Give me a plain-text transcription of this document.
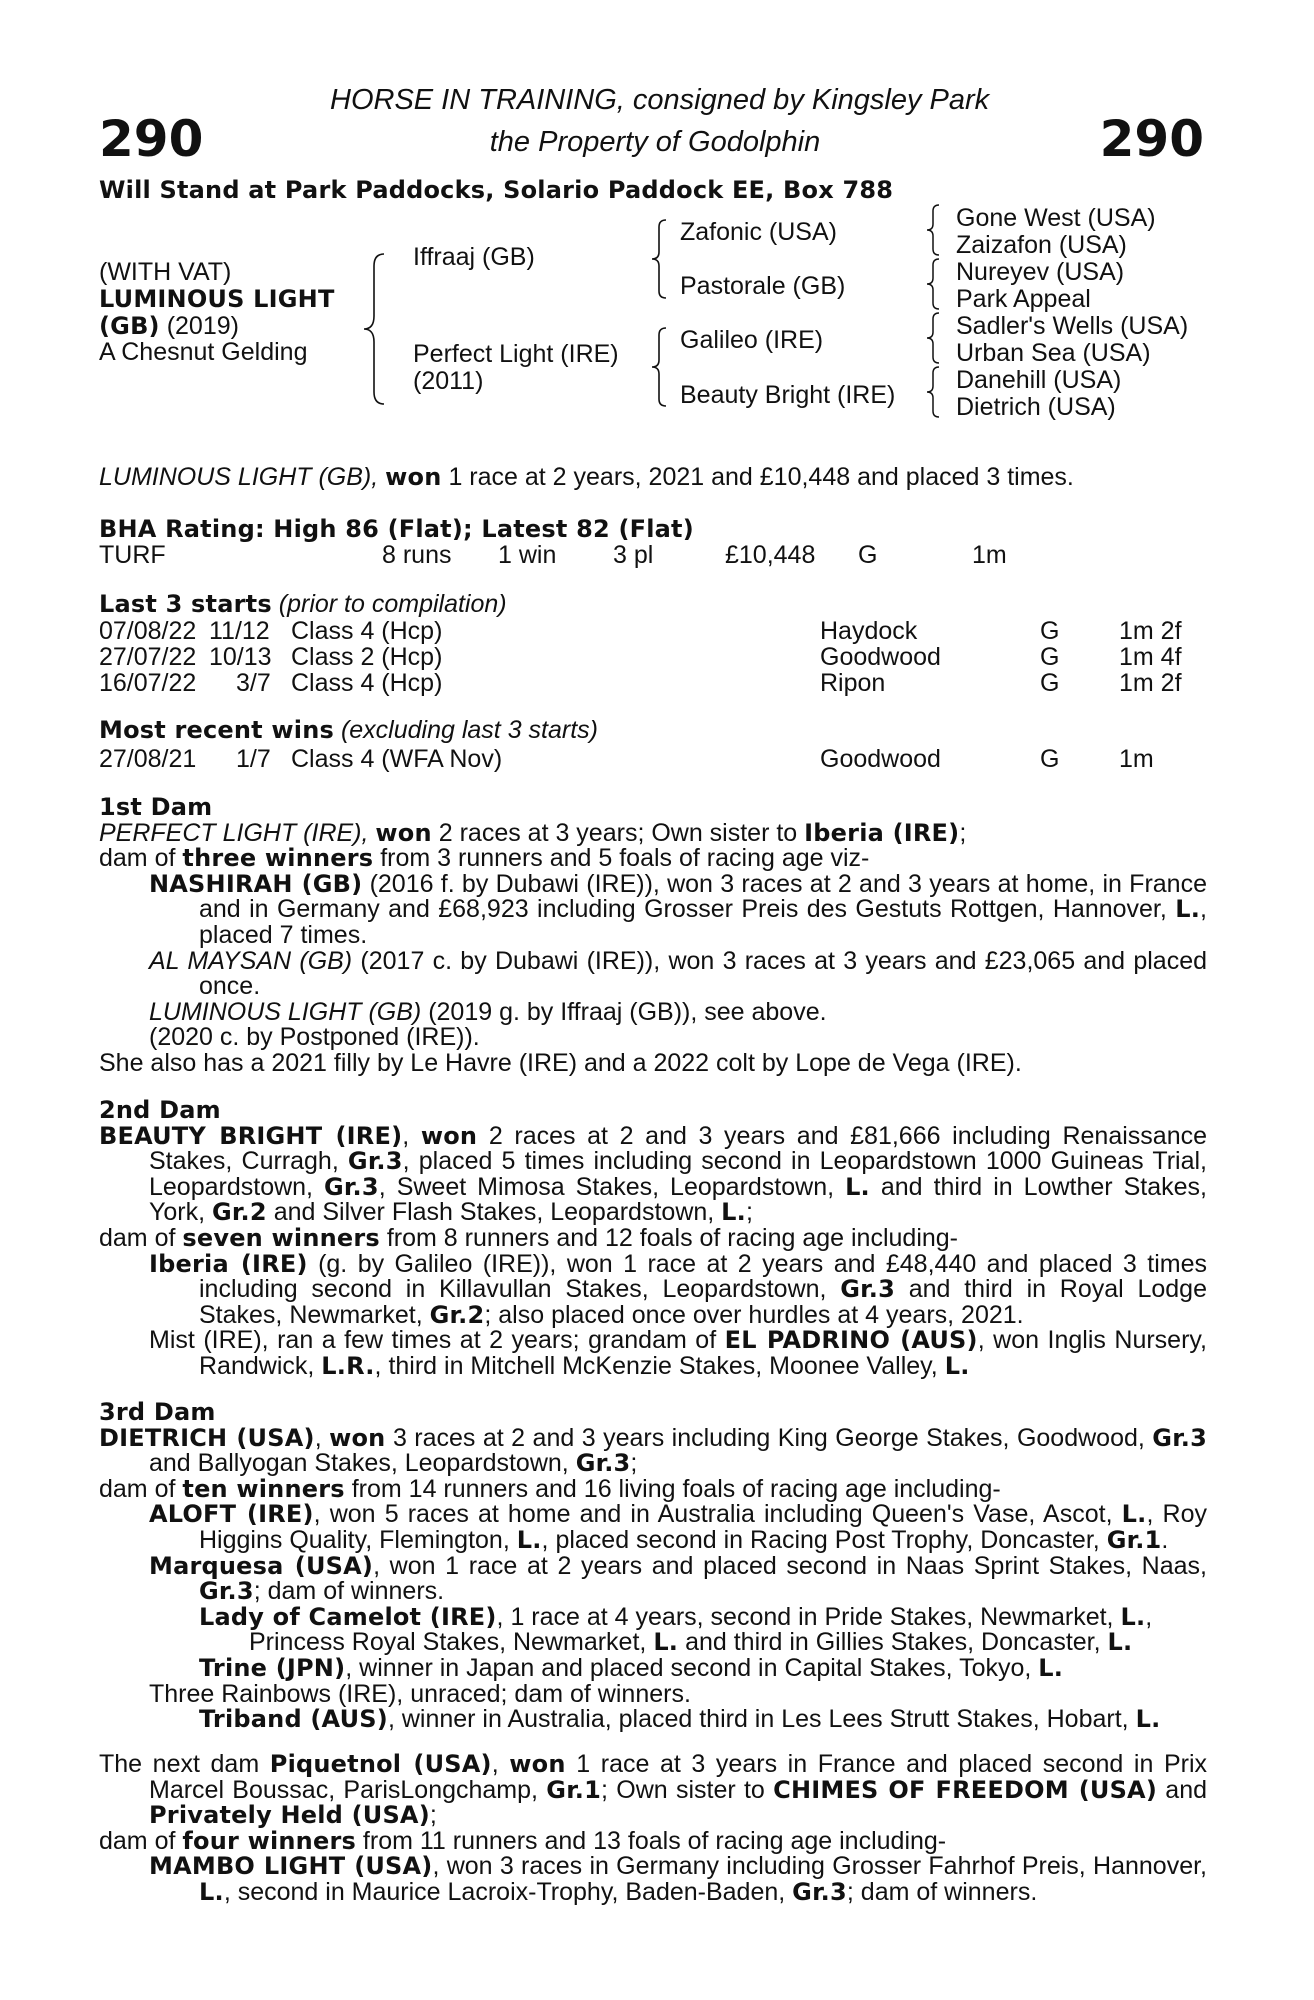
290	290
HORSE IN TRAINING, consigned by Kingsley Park
the Property of Godolphin
Will Stand at Park Paddocks, Solario Paddock EE, Box 788
(WITH VAT)
LUMINOUS LIGHT
(GB) (2019)
A Chesnut Gelding
Iffraaj (GB)
Perfect Light (IRE)
(2011)
Zafonic (USA)
Pastorale (GB)
Galileo (IRE)
Beauty Bright (IRE)
Gone West (USA)
Zaizafon (USA)
Nureyev (USA)
Park Appeal
Sadler's Wells (USA)
Urban Sea (USA)
Danehill (USA)
Dietrich (USA)
LUMINOUS LIGHT (GB), won 1 race at 2 years, 2021 and £10,448 and placed 3 times.
BHA Rating: High 86 (Flat); Latest 82 (Flat)
TURF	8 runs 1 win 3 pl	£10,448 G	1m
Last 3 starts (prior to compilation)
07/08/22 11/12 Class 4 (Hcp)	Haydock	G 1m 2f
27/07/22 10/13 Class 2 (Hcp)	Goodwood	G 1m 4f
16/07/22 3/7 Class 4 (Hcp)	Ripon	G 1m 2f
Most recent wins (excluding last 3 starts)
27/08/21 1/7 Class 4 (WFA Nov)	Goodwood	G 1m

1st Dam

PERFECT LIGHT (IRE), won 2 races at 3 years; Own sister to Iberia (IRE);

dam of three winners from 3 runners and 5 foals of racing age viz-

NASHIRAH (GB) (2016 f. by Dubawi (IRE)), won 3 races at 2 and 3 years at home, in France and in Germany and £68,923 including Grosser Preis des Gestuts Rottgen, Hannover, L., placed 7 times.

AL MAYSAN (GB) (2017 c. by Dubawi (IRE)), won 3 races at 3 years and £23,065 and placed once.

LUMINOUS LIGHT (GB) (2019 g. by Iffraaj (GB)), see above.

(2020 c. by Postponed (IRE)).

She also has a 2021 filly by Le Havre (IRE) and a 2022 colt by Lope de Vega (IRE).

2nd Dam

BEAUTY BRIGHT (IRE), won 2 races at 2 and 3 years and £81,666 including Renaissance Stakes, Curragh, Gr.3, placed 5 times including second in Leopardstown 1000 Guineas Trial, Leopardstown, Gr.3, Sweet Mimosa Stakes, Leopardstown, L. and third in Lowther Stakes, York, Gr.2 and Silver Flash Stakes, Leopardstown, L.;

dam of seven winners from 8 runners and 12 foals of racing age including-

Iberia (IRE) (g. by Galileo (IRE)), won 1 race at 2 years and £48,440 and placed 3 times including second in Killavullan Stakes, Leopardstown, Gr.3 and third in Royal Lodge Stakes, Newmarket, Gr.2; also placed once over hurdles at 4 years, 2021.

Mist (IRE), ran a few times at 2 years; grandam of EL PADRINO (AUS), won Inglis Nursery, Randwick, L.R., third in Mitchell McKenzie Stakes, Moonee Valley, L.

3rd Dam

DIETRICH (USA), won 3 races at 2 and 3 years including King George Stakes, Goodwood, Gr.3 and Ballyogan Stakes, Leopardstown, Gr.3;

dam of ten winners from 14 runners and 16 living foals of racing age including-

ALOFT (IRE), won 5 races at home and in Australia including Queen's Vase, Ascot, L., Roy Higgins Quality, Flemington, L., placed second in Racing Post Trophy, Doncaster, Gr.1.

Marquesa (USA), won 1 race at 2 years and placed second in Naas Sprint Stakes, Naas, Gr.3; dam of winners.

Lady of Camelot (IRE), 1 race at 4 years, second in Pride Stakes, Newmarket, L., Princess Royal Stakes, Newmarket, L. and third in Gillies Stakes, Doncaster, L.

Trine (JPN), winner in Japan and placed second in Capital Stakes, Tokyo, L.

Three Rainbows (IRE), unraced; dam of winners.

Triband (AUS), winner in Australia, placed third in Les Lees Strutt Stakes, Hobart, L.

The next dam Piquetnol (USA), won 1 race at 3 years in France and placed second in Prix Marcel Boussac, ParisLongchamp, Gr.1; Own sister to CHIMES OF FREEDOM (USA) and Privately Held (USA);

dam of four winners from 11 runners and 13 foals of racing age including-

MAMBO LIGHT (USA), won 3 races in Germany including Grosser Fahrhof Preis, Hannover, L., second in Maurice Lacroix-Trophy, Baden-Baden, Gr.3; dam of winners.
